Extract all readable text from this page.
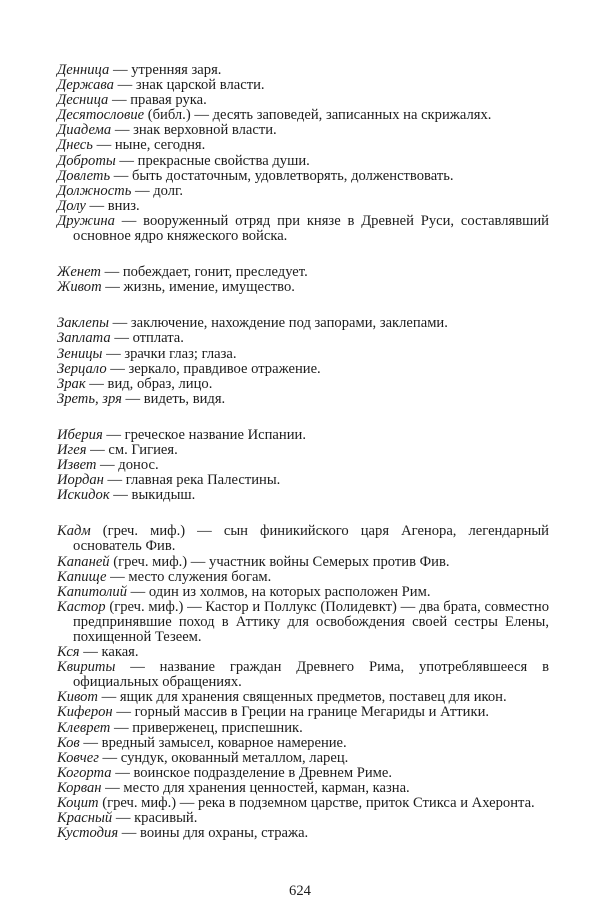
Денница — утренняя заря.
Держава — знак царской власти.
Десница — правая рука.
Десятословие (библ.) — десять заповедей, записанных на скрижалях.
Диадема — знак верховной власти.
Днесь — ныне, сегодня.
Доброты — прекрасные свойства души.
Довлеть — быть достаточным, удовлетворять, долженствовать.
Должность — долг.
Долу — вниз.
Дружина — вооруженный отряд при князе в Древней Руси, составлявший основное ядро княжеского войска.
Женет — побеждает, гонит, преследует.
Живот — жизнь, имение, имущество.
Заклепы — заключение, нахождение под запорами, заклепами.
Заплата — отплата.
Зеницы — зрачки глаз; глаза.
Зерцало — зеркало, правдивое отражение.
Зрак — вид, образ, лицо.
Зреть, зря — видеть, видя.
Иберия — греческое название Испании.
Игея — см. Гигиея.
Извет — донос.
Иордан — главная река Палестины.
Искидок — выкидыш.
Кадм (греч. миф.) — сын финикийского царя Агенора, легендарный основатель Фив.
Капаней (греч. миф.) — участник войны Семерых против Фив.
Капище — место служения богам.
Капитолий — один из холмов, на которых расположен Рим.
Кастор (греч. миф.) — Кастор и Поллукс (Полидевкт) — два брата, совместно предпринявшие поход в Аттику для освобождения своей сестры Елены, похищенной Тезеем.
Кся — какая.
Квириты — название граждан Древнего Рима, употреблявшееся в официальных обращениях.
Кивот — ящик для хранения священных предметов, поставец для икон.
Киферон — горный массив в Греции на границе Мегариды и Аттики.
Клеврет — приверженец, приспешник.
Ков — вредный замысел, коварное намерение.
Ковчег — сундук, окованный металлом, ларец.
Когорта — воинское подразделение в Древнем Риме.
Корван — место для хранения ценностей, карман, казна.
Коцит (греч. миф.) — река в подземном царстве, приток Стикса и Ахеронта.
Красный — красивый.
Кустодия — воины для охраны, стража.
624
